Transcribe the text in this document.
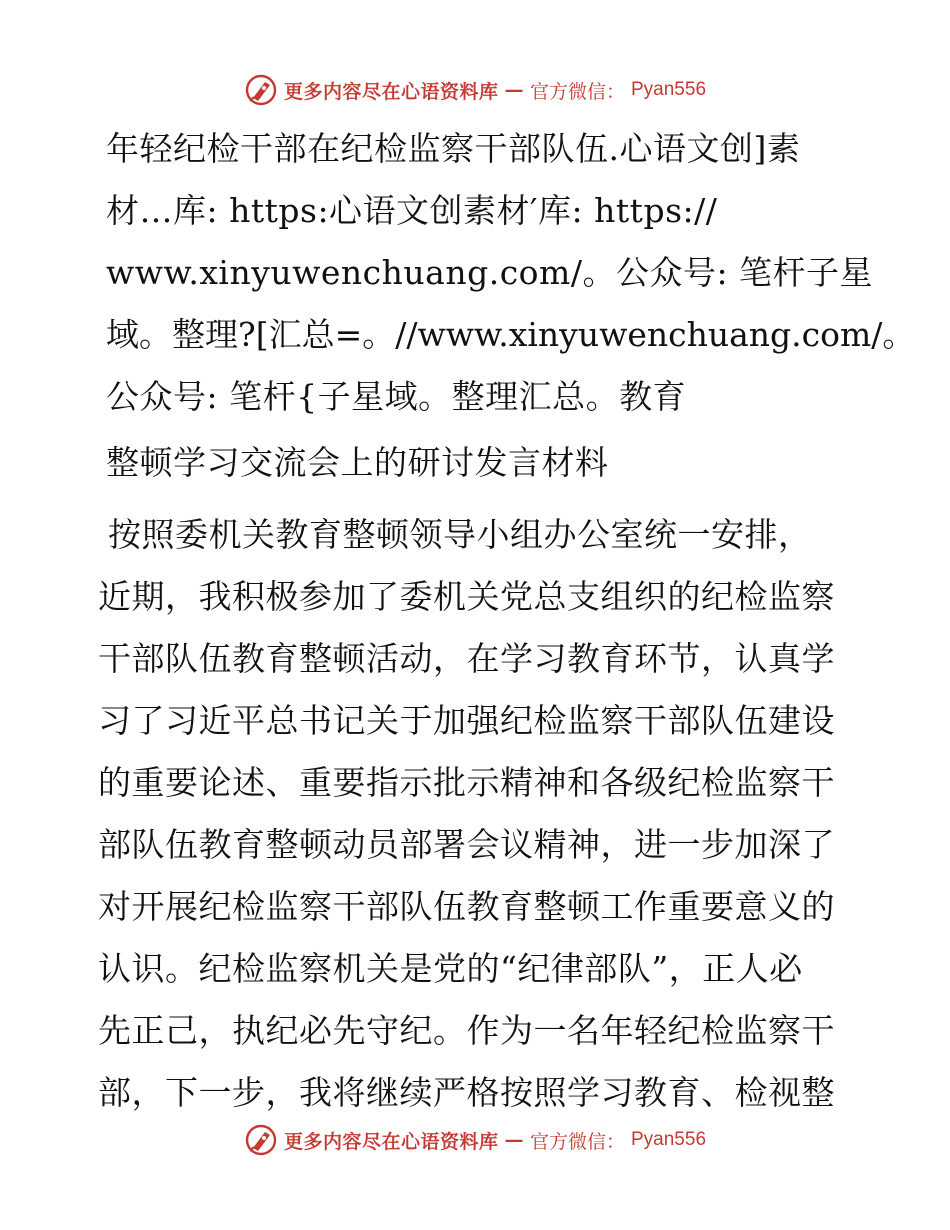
更多内容尽在心语资料库 — 官方微信： Pyan556
年轻纪检干部在纪检监察干部队伍.心语文创]素
材…库: https:心语文创素材′库: https://
www.xinyuwenchuang.com/。公众号: 笔杆子星
域。整理?[汇总=。//www.xinyuwenchuang.com/。
公众号: 笔杆{子星域。整理汇总。教育
整顿学习交流会上的研讨发言材料
按照委机关教育整顿领导小组办公室统一安排，
近期，我积极参加了委机关党总支组织的纪检监察
干部队伍教育整顿活动，在学习教育环节，认真学
习了习近平总书记关于加强纪检监察干部队伍建设
的重要论述、重要指示批示精神和各级纪检监察干
部队伍教育整顿动员部署会议精神，进一步加深了
对开展纪检监察干部队伍教育整顿工作重要意义的
认识。纪检监察机关是党的“纪律部队”，正人必
先正己，执纪必先守纪。作为一名年轻纪检监察干
部，下一步，我将继续严格按照学习教育、检视整
更多内容尽在心语资料库 — 官方微信： Pyan556
